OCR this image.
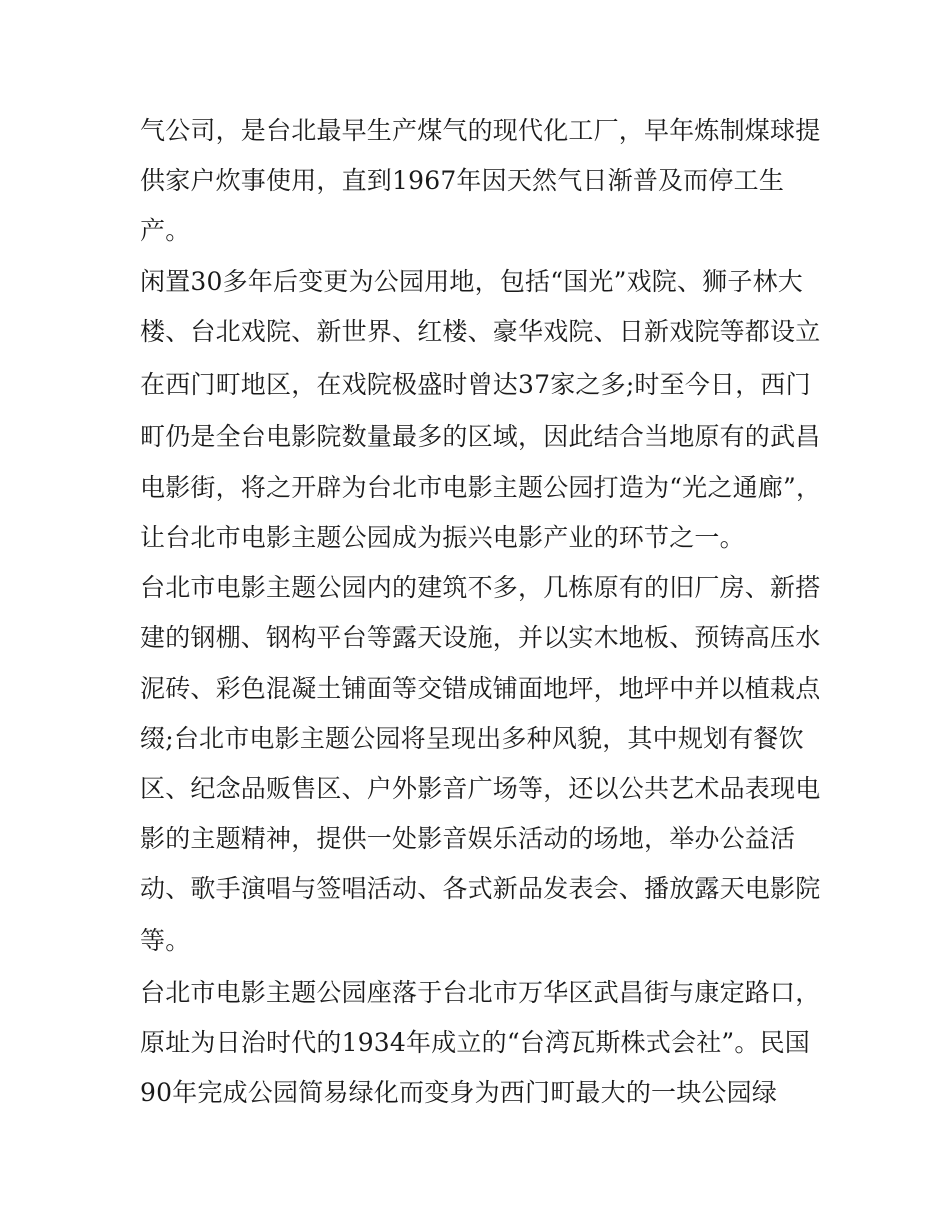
气公司，是台北最早生产煤气的现代化工厂，早年炼制煤球提
供家户炊事使用，直到1967年因天然气日渐普及而停工生
产。
闲置30多年后变更为公园用地，包括“国光”戏院、狮子林大
楼、台北戏院、新世界、红楼、豪华戏院、日新戏院等都设立
在西门町地区，在戏院极盛时曾达37家之多;时至今日，西门
町仍是全台电影院数量最多的区域，因此结合当地原有的武昌
电影街，将之开辟为台北市电影主题公园打造为“光之通廊”，
让台北市电影主题公园成为振兴电影产业的环节之一。
台北市电影主题公园内的建筑不多，几栋原有的旧厂房、新搭
建的钢棚、钢构平台等露天设施，并以实木地板、预铸高压水
泥砖、彩色混凝土铺面等交错成铺面地坪，地坪中并以植栽点
缀;台北市电影主题公园将呈现出多种风貌，其中规划有餐饮
区、纪念品贩售区、户外影音广场等，还以公共艺术品表现电
影的主题精神，提供一处影音娱乐活动的场地，举办公益活
动、歌手演唱与签唱活动、各式新品发表会、播放露天电影院
等。
台北市电影主题公园座落于台北市万华区武昌街与康定路口，
原址为日治时代的1934年成立的“台湾瓦斯株式会社”。民国
90年完成公园简易绿化而变身为西门町最大的一块公园绿
